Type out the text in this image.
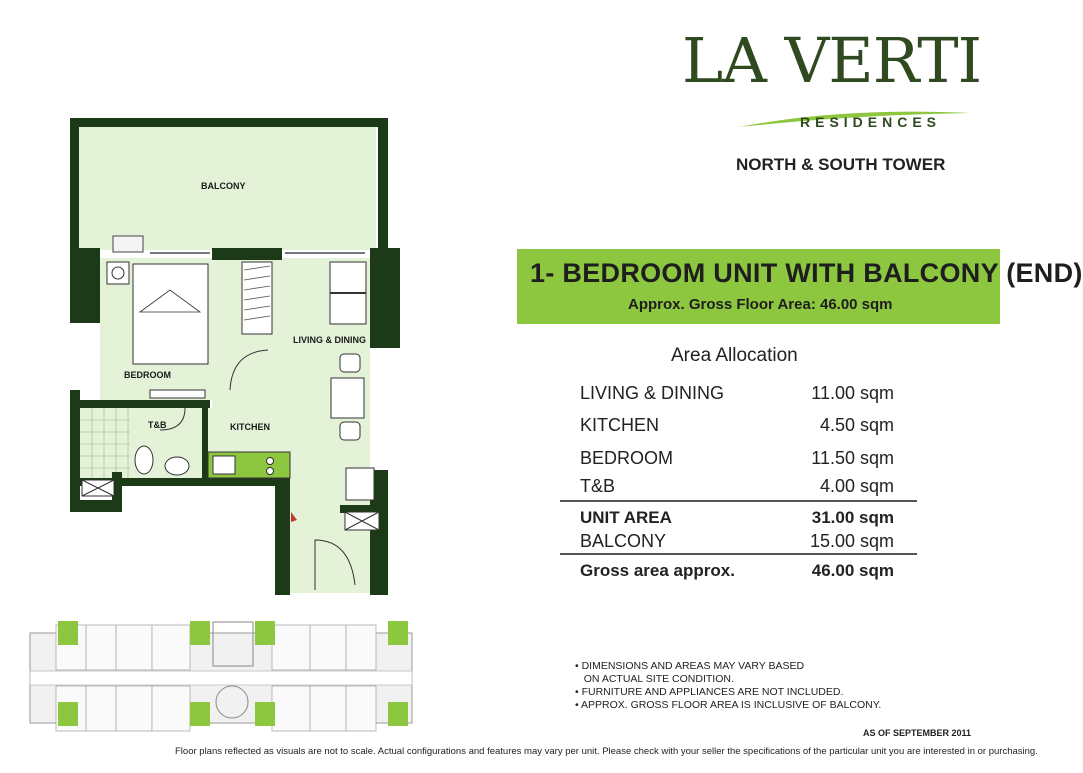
LA VERTI
RESIDENCES
NORTH & SOUTH TOWER
1- BEDROOM UNIT WITH BALCONY (END)
Approx. Gross Floor Area: 46.00 sqm
Area Allocation
LIVING & DINING	11.00 sqm
KITCHEN	4.50 sqm
BEDROOM	11.50 sqm
T&B	4.00 sqm
UNIT AREA	31.00 sqm
BALCONY	15.00 sqm
Gross area approx.	46.00 sqm
BALCONY
LIVING & DINING
BEDROOM
T&B	KITCHEN
• DIMENSIONS AND AREAS MAY VARY BASED
ON ACTUAL SITE CONDITION.
• FURNITURE AND APPLIANCES ARE NOT INCLUDED.
• APPROX. GROSS FLOOR AREA IS INCLUSIVE OF BALCONY.
AS OF SEPTEMBER 2011
Floor plans reflected as visuals are not to scale. Actual configurations and features may vary per unit. Please check with your seller the specifications of the particular unit you are interested in or purchasing.
